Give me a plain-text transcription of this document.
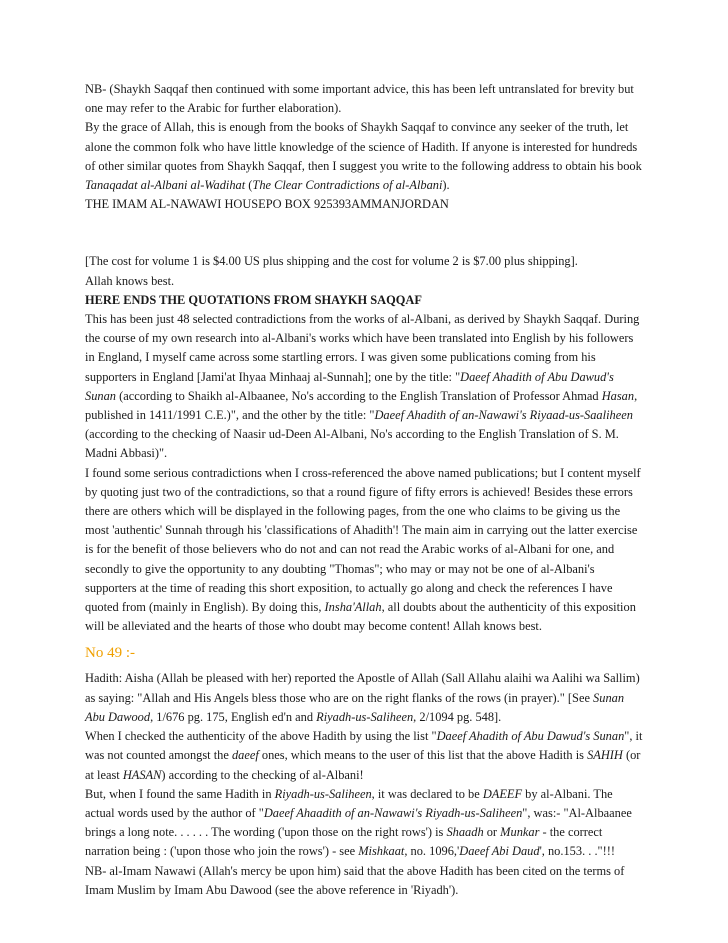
NB- (Shaykh Saqqaf then continued with some important advice, this has been left untranslated for brevity but one may refer to the Arabic for further elaboration).

By the grace of Allah, this is enough from the books of Shaykh Saqqaf to convince any seeker of the truth, let alone the common folk who have little knowledge of the science of Hadith. If anyone is interested for hundreds of other similar quotes from Shaykh Saqqaf, then I suggest you write to the following address to obtain his book Tanaqadat al-Albani al-Wadihat (The Clear Contradictions of al-Albani).

THE IMAM AL-NAWAWI HOUSEPO BOX 925393AMMANJORDAN

[The cost for volume 1 is $4.00 US plus shipping and the cost for volume 2 is $7.00 plus shipping].

Allah knows best.

HERE ENDS THE QUOTATIONS FROM SHAYKH SAQQAF

This has been just 48 selected contradictions from the works of al-Albani, as derived by Shaykh Saqqaf. During the course of my own research into al-Albani's works which have been translated into English by his followers in England, I myself came across some startling errors. I was given some publications coming from his supporters in England [Jami'at Ihyaa Minhaaj al-Sunnah]; one by the title: "Daeef Ahadith of Abu Dawud's Sunan (according to Shaikh al-Albaanee, No's according to the English Translation of Professor Ahmad Hasan, published in 1411/1991 C.E.)", and the other by the title: "Daeef Ahadith of an-Nawawi's Riyaad-us-Saaliheen (according to the checking of Naasir ud-Deen Al-Albani, No's according to the English Translation of S. M. Madni Abbasi)".

I found some serious contradictions when I cross-referenced the above named publications; but I content myself by quoting just two of the contradictions, so that a round figure of fifty errors is achieved! Besides these errors there are others which will be displayed in the following pages, from the one who claims to be giving us the most 'authentic' Sunnah through his 'classifications of Ahadith'! The main aim in carrying out the latter exercise is for the benefit of those believers who do not and can not read the Arabic works of al-Albani for one, and secondly to give the opportunity to any doubting "Thomas"; who may or may not be one of al-Albani's supporters at the time of reading this short exposition, to actually go along and check the references I have quoted from (mainly in English). By doing this, Insha'Allah, all doubts about the authenticity of this exposition will be alleviated and the hearts of those who doubt may become content! Allah knows best.

No 49 :-

Hadith: Aisha (Allah be pleased with her) reported the Apostle of Allah (Sall Allahu alaihi wa Aalihi wa Sallim) as saying: "Allah and His Angels bless those who are on the right flanks of the rows (in prayer)." [See Sunan Abu Dawood, 1/676 pg. 175, English ed'n and Riyadh-us-Saliheen, 2/1094 pg. 548].

When I checked the authenticity of the above Hadith by using the list "Daeef Ahadith of Abu Dawud's Sunan", it was not counted amongst the daeef ones, which means to the user of this list that the above Hadith is SAHIH (or at least HASAN) according to the checking of al-Albani!

But, when I found the same Hadith in Riyadh-us-Saliheen, it was declared to be DAEEF by al-Albani. The actual words used by the author of "Daeef Ahaadith of an-Nawawi's Riyadh-us-Saliheen", was:- "Al-Albaanee brings a long note. . . . . . The wording ('upon those on the right rows') is Shaadh or Munkar - the correct narration being : ('upon those who join the rows') - see Mishkaat, no. 1096,'Daeef Abi Daud', no.153. . ."!!!

NB- al-Imam Nawawi (Allah's mercy be upon him) said that the above Hadith has been cited on the terms of Imam Muslim by Imam Abu Dawood (see the above reference in 'Riyadh').
